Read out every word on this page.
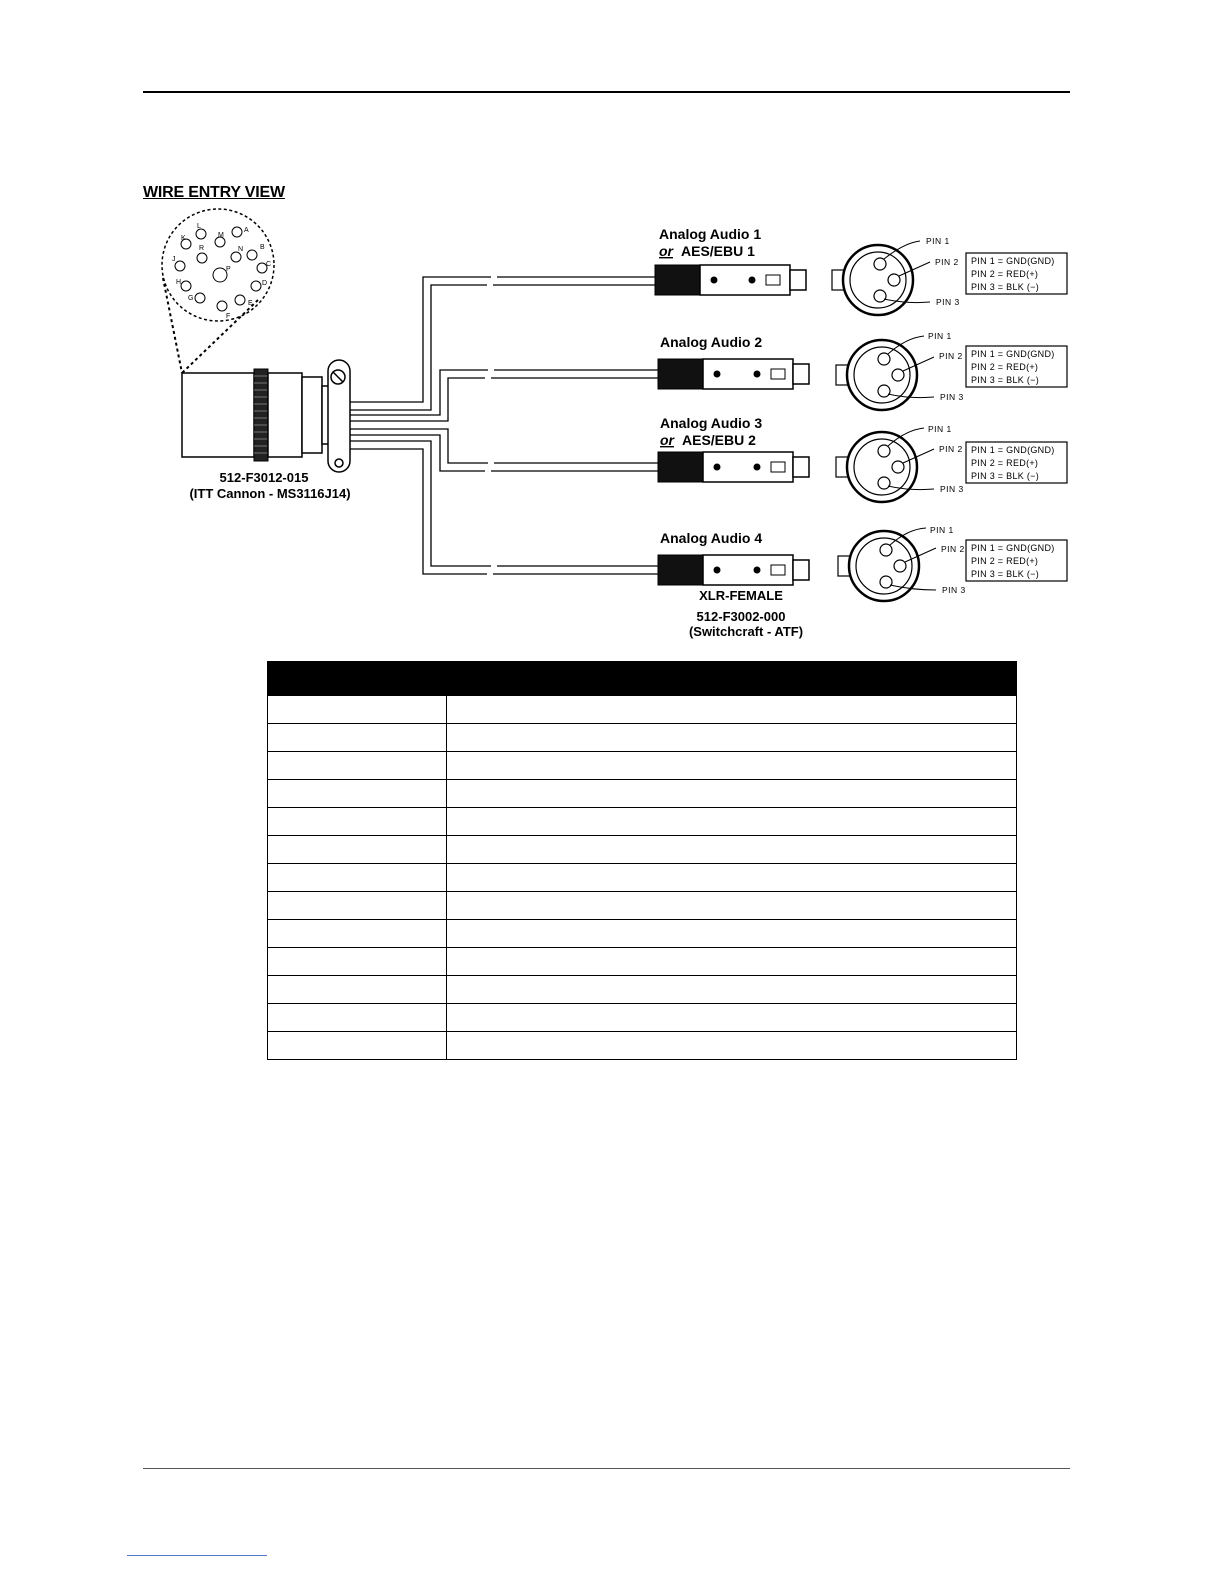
WIRE ENTRY VIEW
A
B
C
D
E
F
G
H
J
K
L
M
N
P
R
Analog Audio 1
or AES/EBU 1
Analog Audio 2
Analog Audio 3
or AES/EBU 2
Analog Audio 4
512-F3012-015
(ITT Cannon - MS3116J14)
XLR-FEMALE
512-F3002-000
(Switchcraft - ATF)
PIN 1
PIN 2
PIN 3
PIN 1
PIN 2
PIN 3
PIN 1
PIN 2
PIN 3
PIN 1
PIN 2
PIN 3
PIN 1 = GND(GND)
PIN 2 = RED(+)
PIN 3 = BLK (−)
PIN 1 = GND(GND)
PIN 2 = RED(+)
PIN 3 = BLK (−)
PIN 1 = GND(GND)
PIN 2 = RED(+)
PIN 3 = BLK (−)
PIN 1 = GND(GND)
PIN 2 = RED(+)
PIN 3 = BLK (−)
